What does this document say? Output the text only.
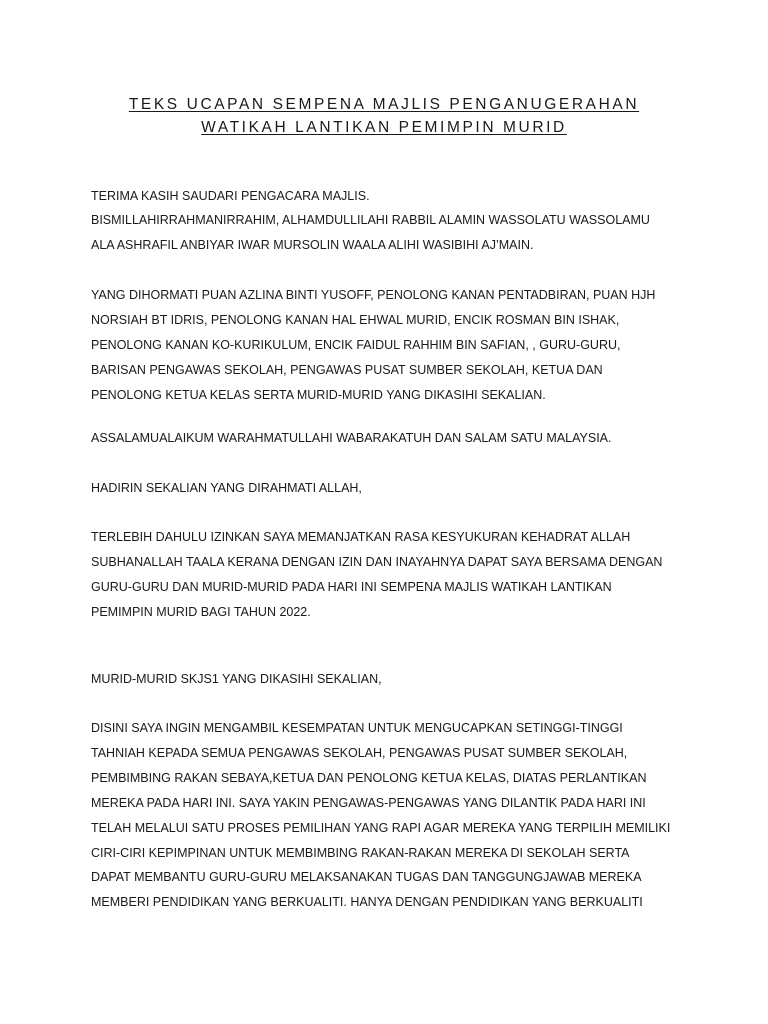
TEKS UCAPAN SEMPENA MAJLIS PENGANUGERAHAN
WATIKAH LANTIKAN PEMIMPIN MURID
TERIMA KASIH SAUDARI PENGACARA MAJLIS.
BISMILLAHIRRAHMANIRRAHIM, ALHAMDULLILAHI RABBIL ALAMIN WASSOLATU WASSOLAMU
ALA ASHRAFIL ANBIYAR IWAR MURSOLIN WAALA ALIHI WASIBIHI AJ’MAIN.
YANG DIHORMATI PUAN AZLINA BINTI YUSOFF, PENOLONG KANAN PENTADBIRAN, PUAN HJH
NORSIAH BT IDRIS, PENOLONG KANAN HAL EHWAL MURID, ENCIK ROSMAN BIN ISHAK,
PENOLONG KANAN KO-KURIKULUM, ENCIK FAIDUL RAHHIM BIN SAFIAN, , GURU-GURU,
BARISAN PENGAWAS SEKOLAH, PENGAWAS PUSAT SUMBER SEKOLAH, KETUA DAN
PENOLONG KETUA KELAS SERTA MURID-MURID YANG DIKASIHI SEKALIAN.
ASSALAMUALAIKUM WARAHMATULLAHI WABARAKATUH DAN SALAM SATU MALAYSIA.
HADIRIN SEKALIAN YANG DIRAHMATI ALLAH,
TERLEBIH DAHULU IZINKAN SAYA MEMANJATKAN RASA KESYUKURAN KEHADRAT ALLAH
SUBHANALLAH TAALA KERANA DENGAN IZIN DAN INAYAHNYA DAPAT SAYA BERSAMA DENGAN
GURU-GURU DAN MURID-MURID PADA HARI INI SEMPENA MAJLIS WATIKAH LANTIKAN
PEMIMPIN MURID BAGI TAHUN 2022.
MURID-MURID SKJS1 YANG DIKASIHI SEKALIAN,
DISINI SAYA INGIN MENGAMBIL KESEMPATAN UNTUK MENGUCAPKAN SETINGGI-TINGGI
TAHNIAH KEPADA SEMUA PENGAWAS SEKOLAH, PENGAWAS PUSAT SUMBER SEKOLAH,
PEMBIMBING RAKAN SEBAYA,KETUA DAN PENOLONG KETUA KELAS, DIATAS PERLANTIKAN
MEREKA PADA HARI INI. SAYA YAKIN PENGAWAS-PENGAWAS YANG DILANTIK PADA HARI INI
TELAH MELALUI SATU PROSES PEMILIHAN YANG RAPI AGAR MEREKA YANG TERPILIH MEMILIKI
CIRI-CIRI KEPIMPINAN UNTUK MEMBIMBING RAKAN-RAKAN MEREKA DI SEKOLAH SERTA
DAPAT MEMBANTU GURU-GURU MELAKSANAKAN TUGAS DAN TANGGUNGJAWAB MEREKA
MEMBERI PENDIDIKAN YANG BERKUALITI. HANYA DENGAN PENDIDIKAN YANG BERKUALITI
